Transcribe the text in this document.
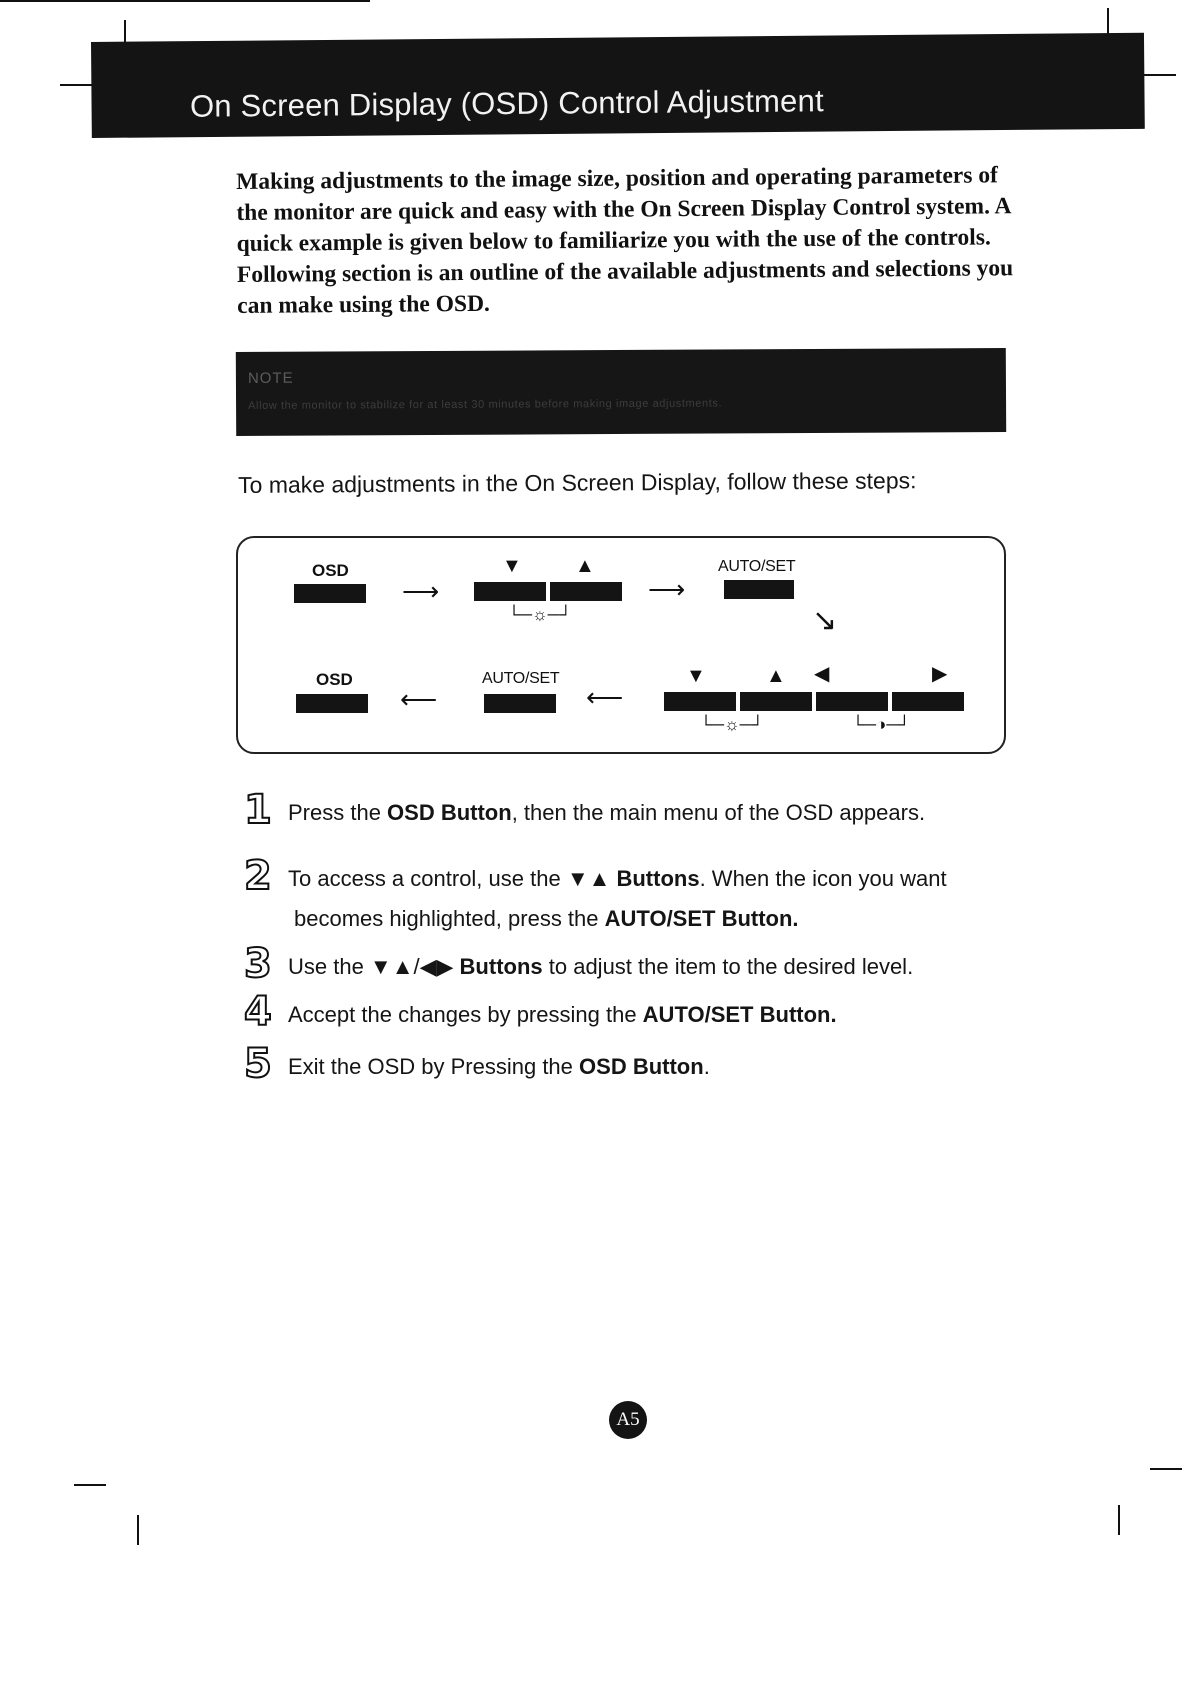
On Screen Display (OSD) Control Adjustment
Making adjustments to the image size, position and operating parameters of the monitor are quick and easy with the On Screen Display Control system. A quick example is given below to familiarize you with the use of the controls. Following section is an outline of the available adjustments and selections you can make using the OSD.
NOTE
Allow the monitor to stabilize for at least 30 minutes before making image adjustments.
To make adjustments in the On Screen Display, follow these steps:
OSD
⟶
▼	▲
└─☼─┘
⟶
AUTO/SET
↘
OSD
⟵
AUTO/SET
⟵
▼	▲ ◀	▶
└─☼─┘	└─◑─┘
1 Press the OSD Button, then the main menu of the OSD appears.
2 To access a control, use the ▼▲ Buttons. When the icon you want
becomes highlighted, press the AUTO/SET Button.
3 Use the ▼▲/◀▶ Buttons to adjust the item to the desired level.
4 Accept the changes by pressing the AUTO/SET Button.
5 Exit the OSD by Pressing the OSD Button.
A5
